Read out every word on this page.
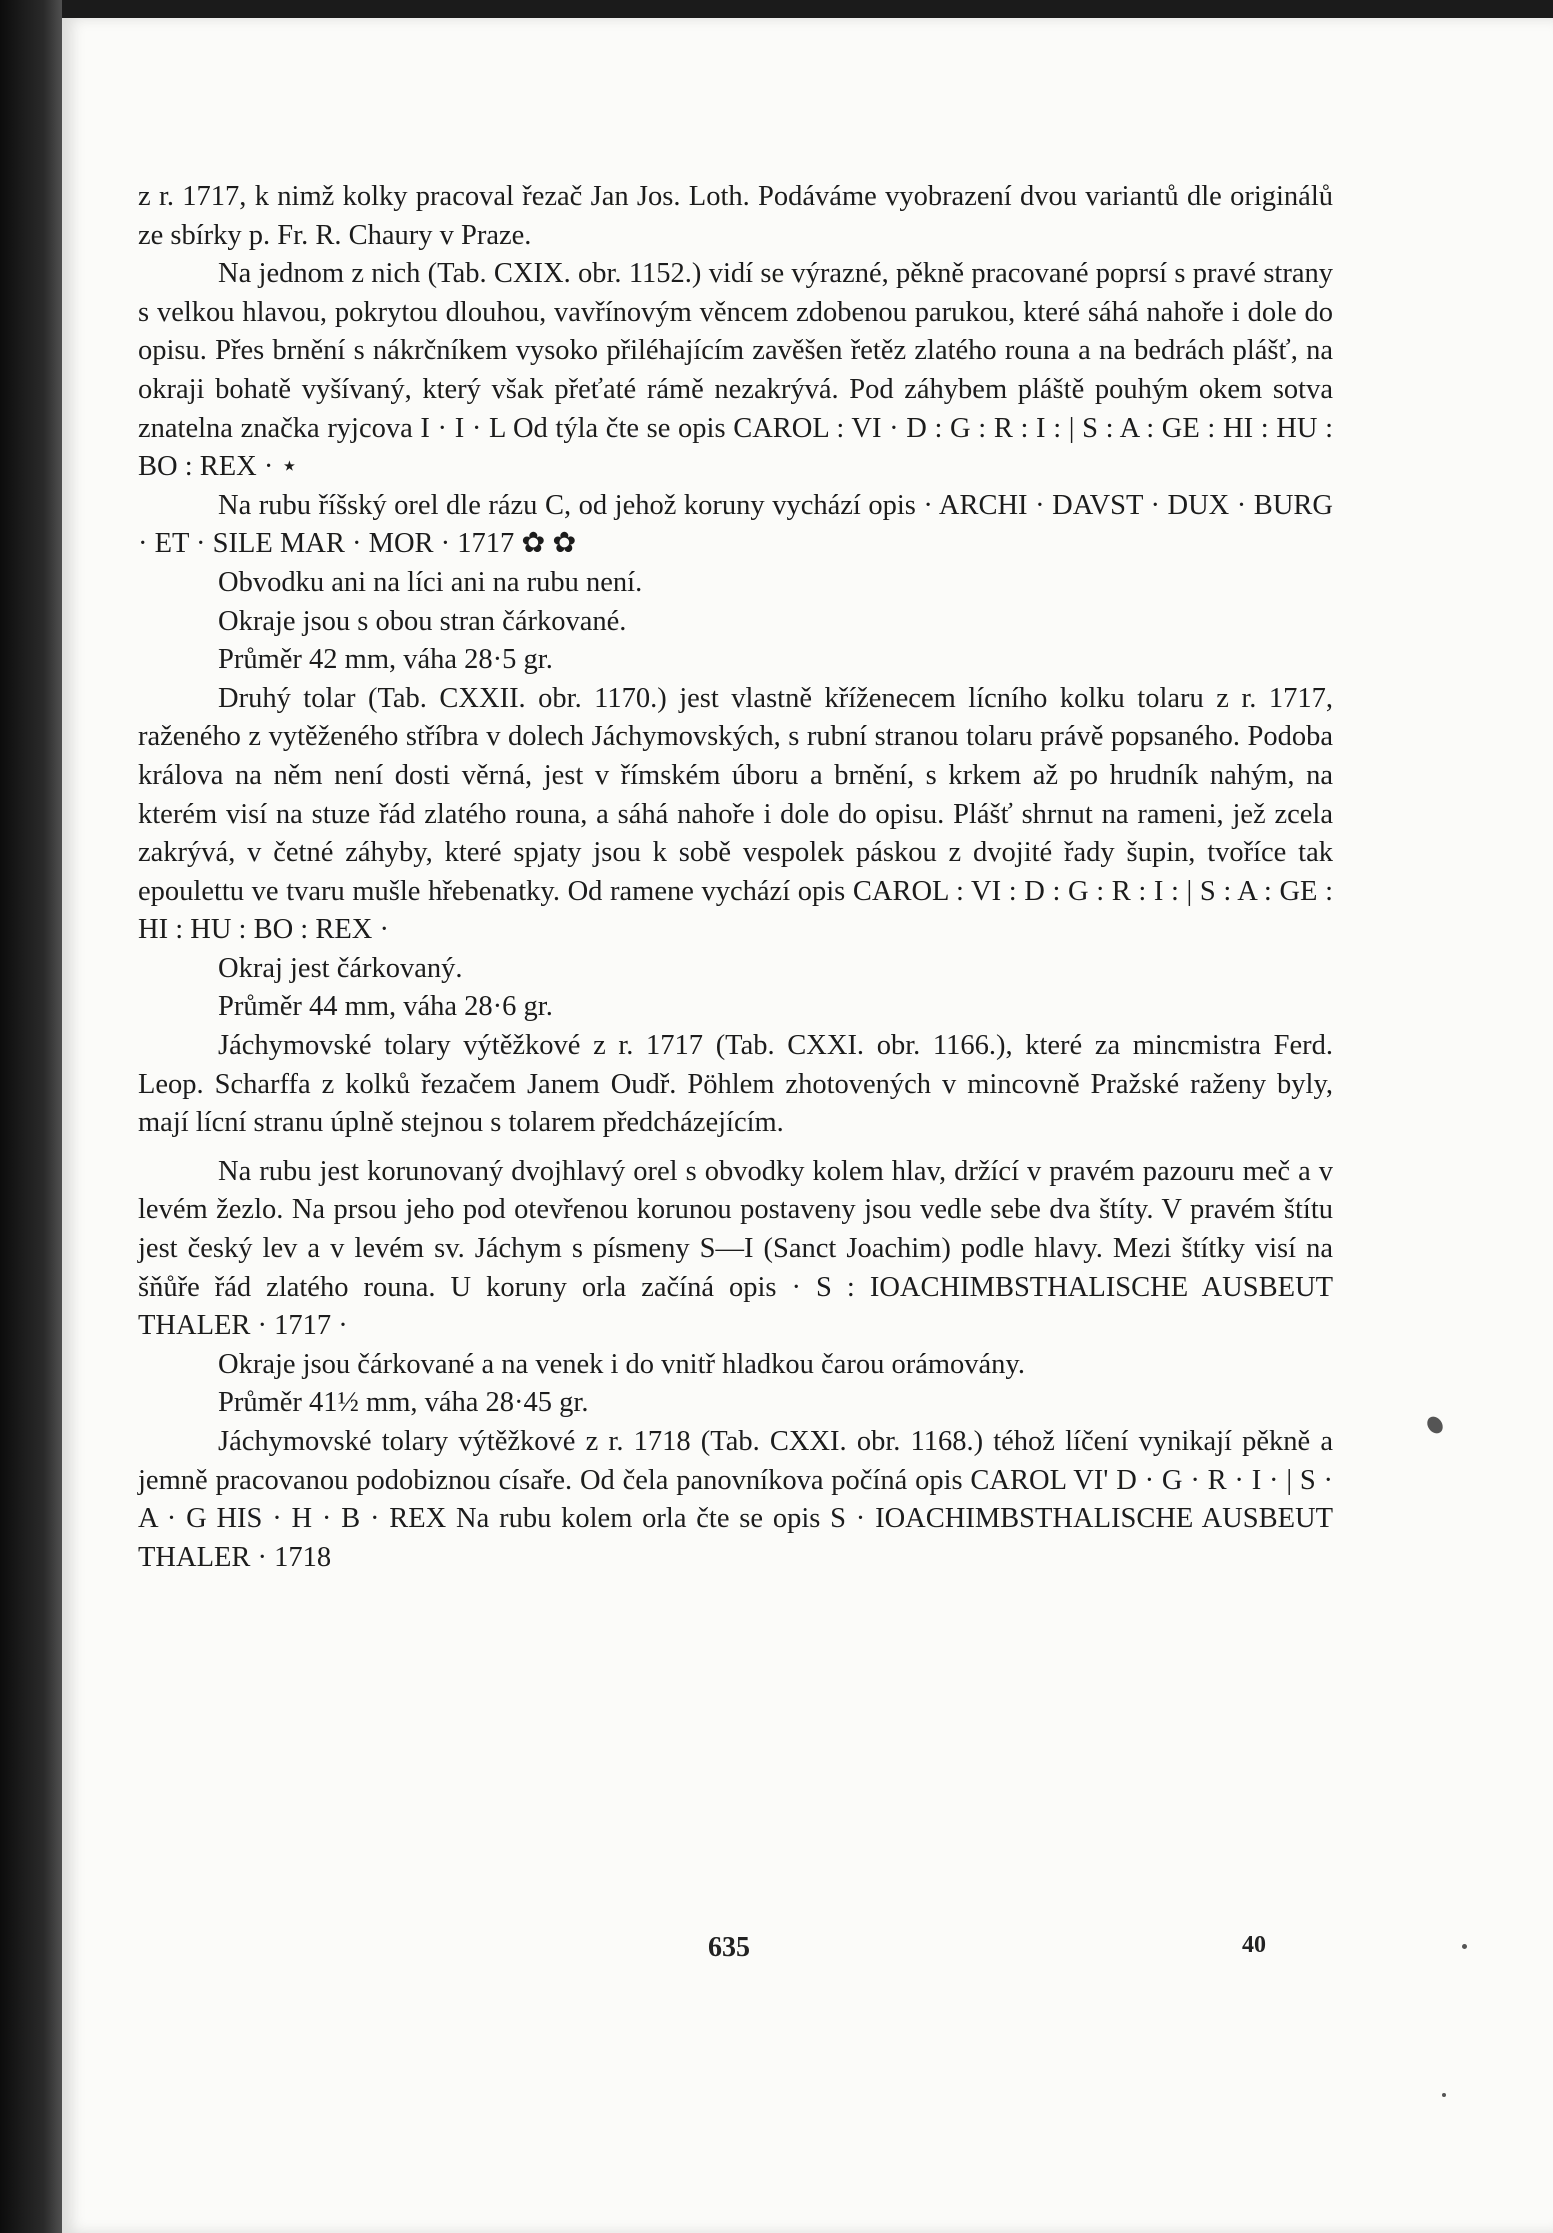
z r. 1717, k nimž kolky pracoval řezač Jan Jos. Loth. Podáváme vyobrazení dvou variantů dle originálů ze sbírky p. Fr. R. Chaury v Praze.

Na jednom z nich (Tab. CXIX. obr. 1152.) vidí se výrazné, pěkně pracované poprsí s pravé strany s velkou hlavou, pokrytou dlouhou, vavřínovým věncem zdobenou parukou, které sáhá nahoře i dole do opisu. Přes brnění s nákrčníkem vysoko přiléhajícím zavěšen řetěz zlatého rouna a na bedrách plášť, na okraji bohatě vyšívaný, který však přeťaté rámě nezakrývá. Pod záhybem pláště pouhým okem sotva znatelna značka ryjcova I · I · L Od týla čte se opis CAROL : VI · D : G : R : I : | S : A : GE : HI : HU : BO : REX · ⋆

Na rubu říšský orel dle rázu C, od jehož koruny vychází opis · ARCHI · DAVST · DUX · BURG · ET · SILE MAR · MOR · 1717 ✿ ✿

Obvodku ani na líci ani na rubu není.

Okraje jsou s obou stran čárkované.

Průměr 42 mm, váha 28·5 gr.

Druhý tolar (Tab. CXXII. obr. 1170.) jest vlastně kříženecem lícního kolku tolaru z r. 1717, raženého z vytěženého stříbra v dolech Jáchymovských, s rubní stranou tolaru právě popsaného. Podoba králova na něm není dosti věrná, jest v římském úboru a brnění, s krkem až po hrudník nahým, na kterém visí na stuze řád zlatého rouna, a sáhá nahoře i dole do opisu. Plášť shrnut na rameni, jež zcela zakrývá, v četné záhyby, které spjaty jsou k sobě vespolek páskou z dvojité řady šupin, tvoříce tak epoulettu ve tvaru mušle hřebenatky. Od ramene vychází opis CAROL : VI : D : G : R : I : | S : A : GE : HI : HU : BO : REX ·

Okraj jest čárkovaný.

Průměr 44 mm, váha 28·6 gr.

Jáchymovské tolary výtěžkové z r. 1717 (Tab. CXXI. obr. 1166.), které za mincmistra Ferd. Leop. Scharffa z kolků řezačem Janem Oudř. Pöhlem zhotovených v mincovně Pražské raženy byly, mají lícní stranu úplně stejnou s tolarem předcházejícím.

Na rubu jest korunovaný dvojhlavý orel s obvodky kolem hlav, držící v pravém pazouru meč a v levém žezlo. Na prsou jeho pod otevřenou korunou postaveny jsou vedle sebe dva štíty. V pravém štítu jest český lev a v levém sv. Jáchym s písmeny S—I (Sanct Joachim) podle hlavy. Mezi štítky visí na šňůře řád zlatého rouna. U koruny orla začíná opis · S : IOACHIMBSTHALISCHE AUSBEUT THALER · 1717 ·

Okraje jsou čárkované a na venek i do vnitř hladkou čarou orámovány.

Průměr 41½ mm, váha 28·45 gr.

Jáchymovské tolary výtěžkové z r. 1718 (Tab. CXXI. obr. 1168.) téhož líčení vynikají pěkně a jemně pracovanou podobiznou císaře. Od čela panovníkova počíná opis CAROL VI' D · G · R · I · | S · A · G HIS · H · B · REX Na rubu kolem orla čte se opis S · IOACHIMBSTHALISCHE AUSBEUT THALER · 1718

635	40
